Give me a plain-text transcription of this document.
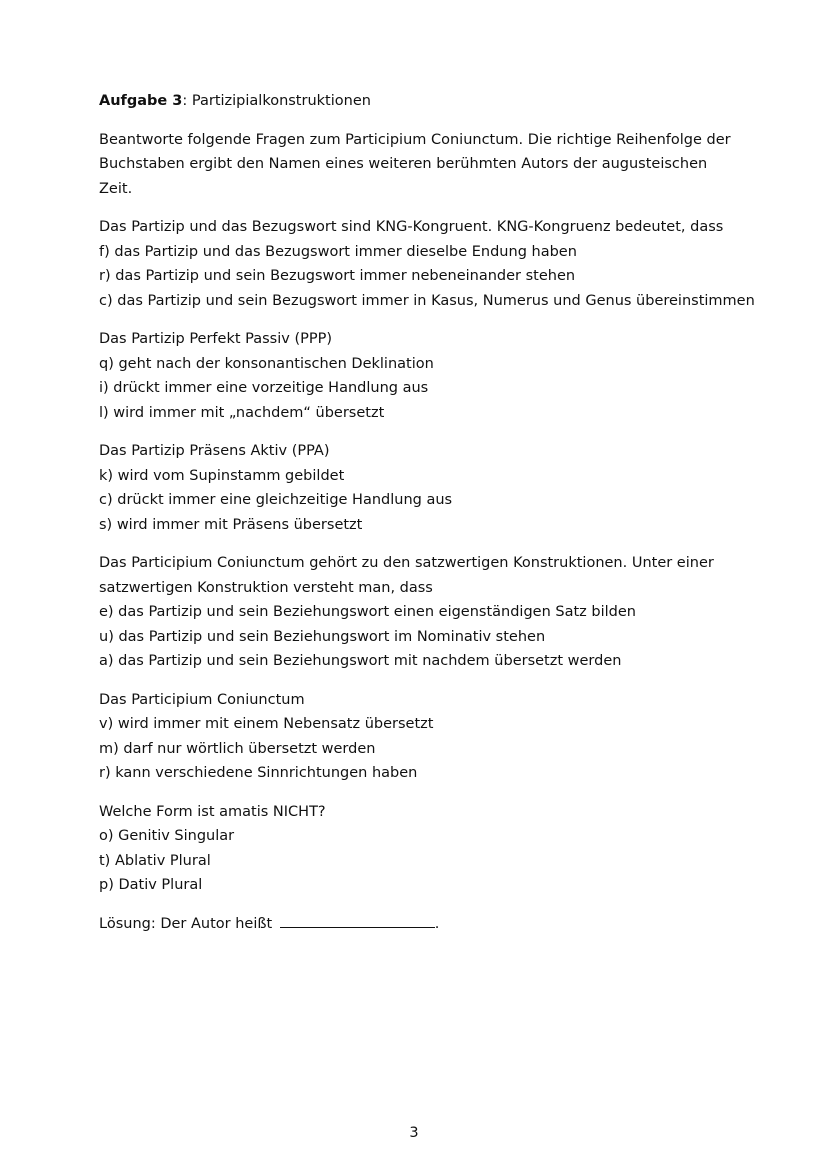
Aufgabe 3: Partizipialkonstruktionen

Beantworte folgende Fragen zum Participium Coniunctum. Die richtige Reihenfolge der
Buchstaben ergibt den Namen eines weiteren berühmten Autors der augusteischen Zeit.
Das Partizip und das Bezugswort sind KNG-Kongruent. KNG-Kongruenz bedeutet, dass
f) das Partizip und das Bezugswort immer dieselbe Endung haben
r) das Partizip und sein Bezugswort immer nebeneinander stehen
c) das Partizip und sein Bezugswort immer in Kasus, Numerus und Genus übereinstimmen
Das Partizip Perfekt Passiv (PPP)
q) geht nach der konsonantischen Deklination
i) drückt immer eine vorzeitige Handlung aus
l) wird immer mit „nachdem“ übersetzt
Das Partizip Präsens Aktiv (PPA)
k) wird vom Supinstamm gebildet
c) drückt immer eine gleichzeitige Handlung aus
s) wird immer mit Präsens übersetzt
Das Participium Coniunctum gehört zu den satzwertigen Konstruktionen. Unter einer
satzwertigen Konstruktion versteht man, dass
e) das Partizip und sein Beziehungswort einen eigenständigen Satz bilden
u) das Partizip und sein Beziehungswort im Nominativ stehen
a) das Partizip und sein Beziehungswort mit nachdem übersetzt werden
Das Participium Coniunctum
v) wird immer mit einem Nebensatz übersetzt
m) darf nur wörtlich übersetzt werden
r) kann verschiedene Sinnrichtungen haben
Welche Form ist amatis NICHT?
o) Genitiv Singular
t) Ablativ Plural
p) Dativ Plural
Lösung: Der Autor heißt	.
3
